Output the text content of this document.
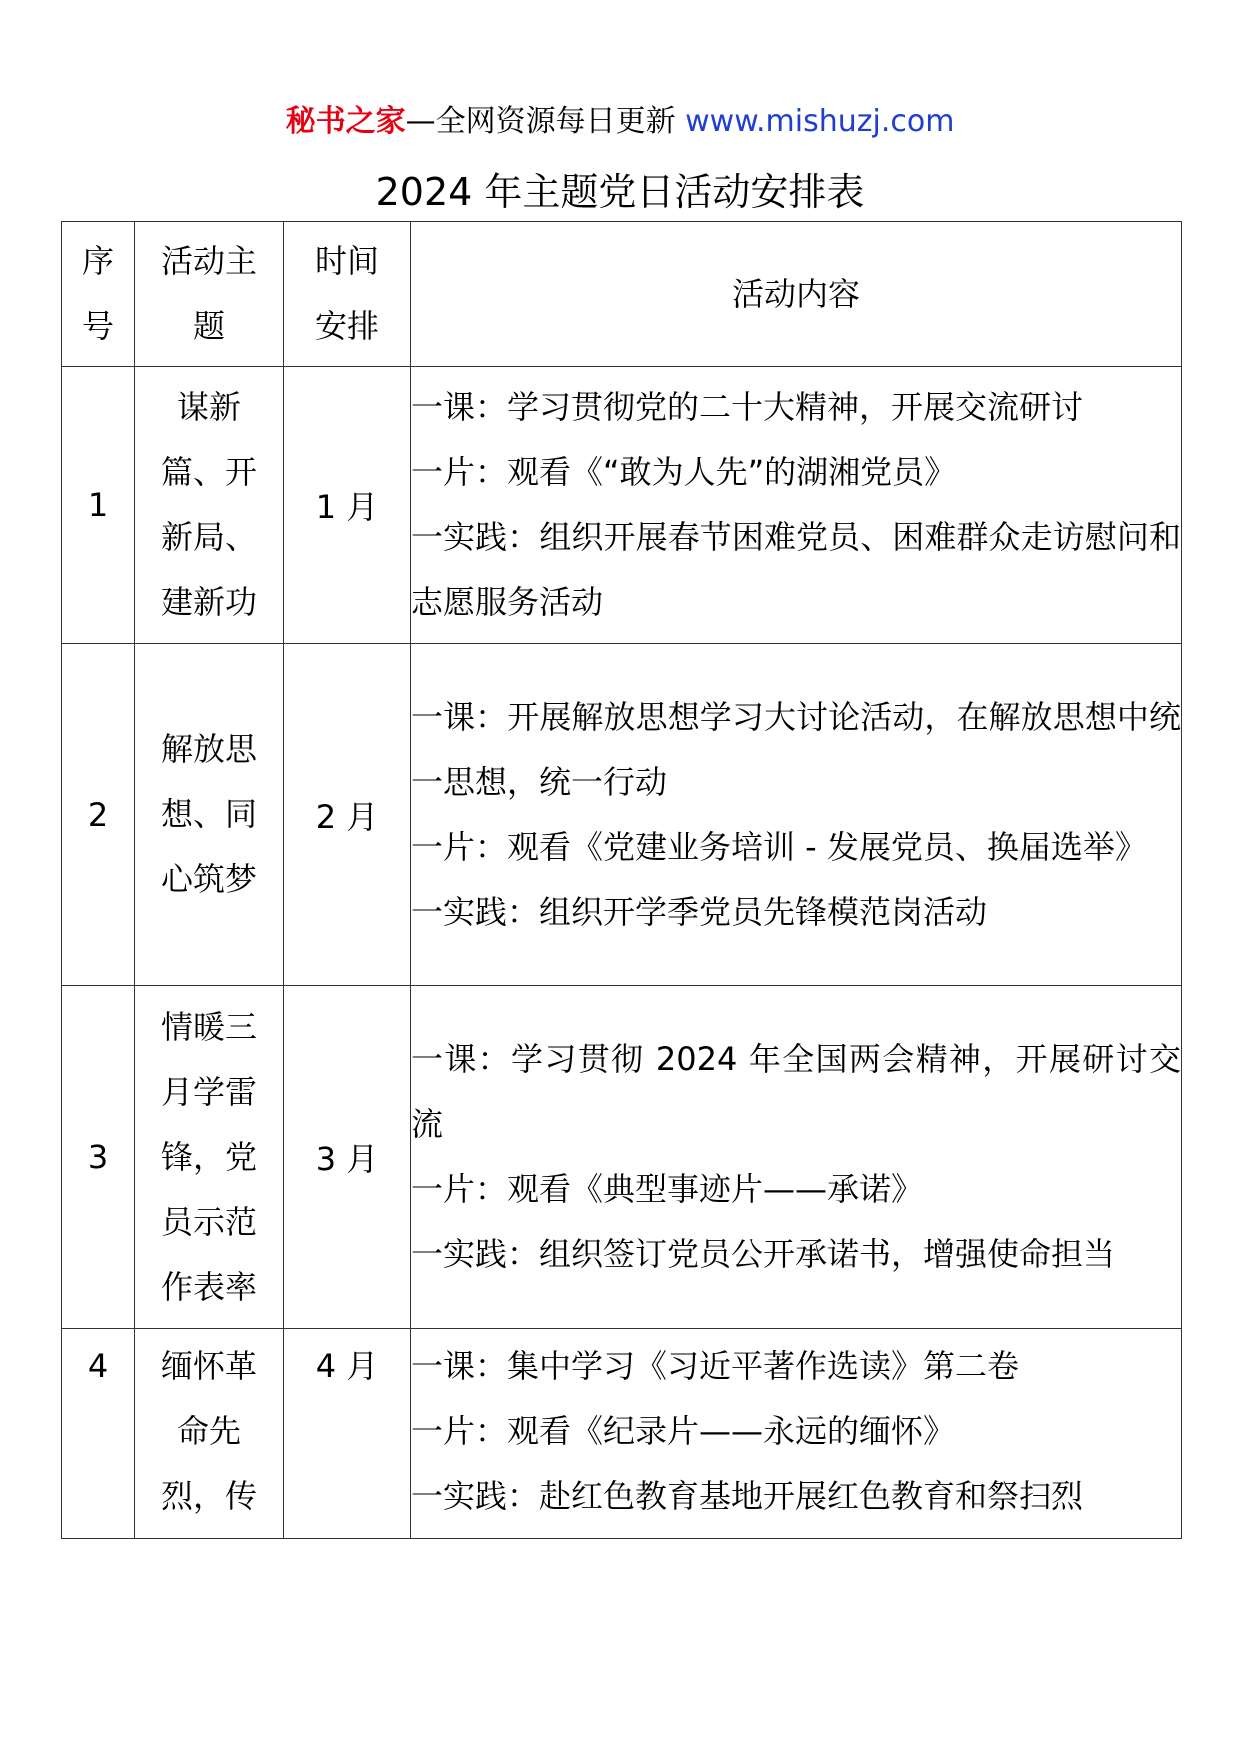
秘书之家—全网资源每日更新 www.mishuzj.com
2024 年主题党日活动安排表
序号	活动主题	时间安排	活动内容
1	谋新篇、开新局、建新功	1 月	一课：学习贯彻党的二十大精神，开展交流研讨
一片：观看《“敢为人先”的湖湘党员》
一实践：组织开展春节困难党员、困难群众走访慰问和志愿服务活动

2	解放思想、同心筑梦	2 月	一课：开展解放思想学习大讨论活动，在解放思想中统一思想，统一行动
一片：观看《党建业务培训 - 发展党员、换届选举》
一实践：组织开学季党员先锋模范岗活动

3	情暖三月学雷锋，党员示范作表率	3 月	一课：学习贯彻 2024 年全国两会精神，开展研讨交流
一片：观看《典型事迹片——承诺》
一实践：组织签订党员公开承诺书，增强使命担当

4	缅怀革命先烈，传	4 月	一课：集中学习《习近平著作选读》第二卷
一片：观看《纪录片——永远的缅怀》
一实践：赴红色教育基地开展红色教育和祭扫烈
